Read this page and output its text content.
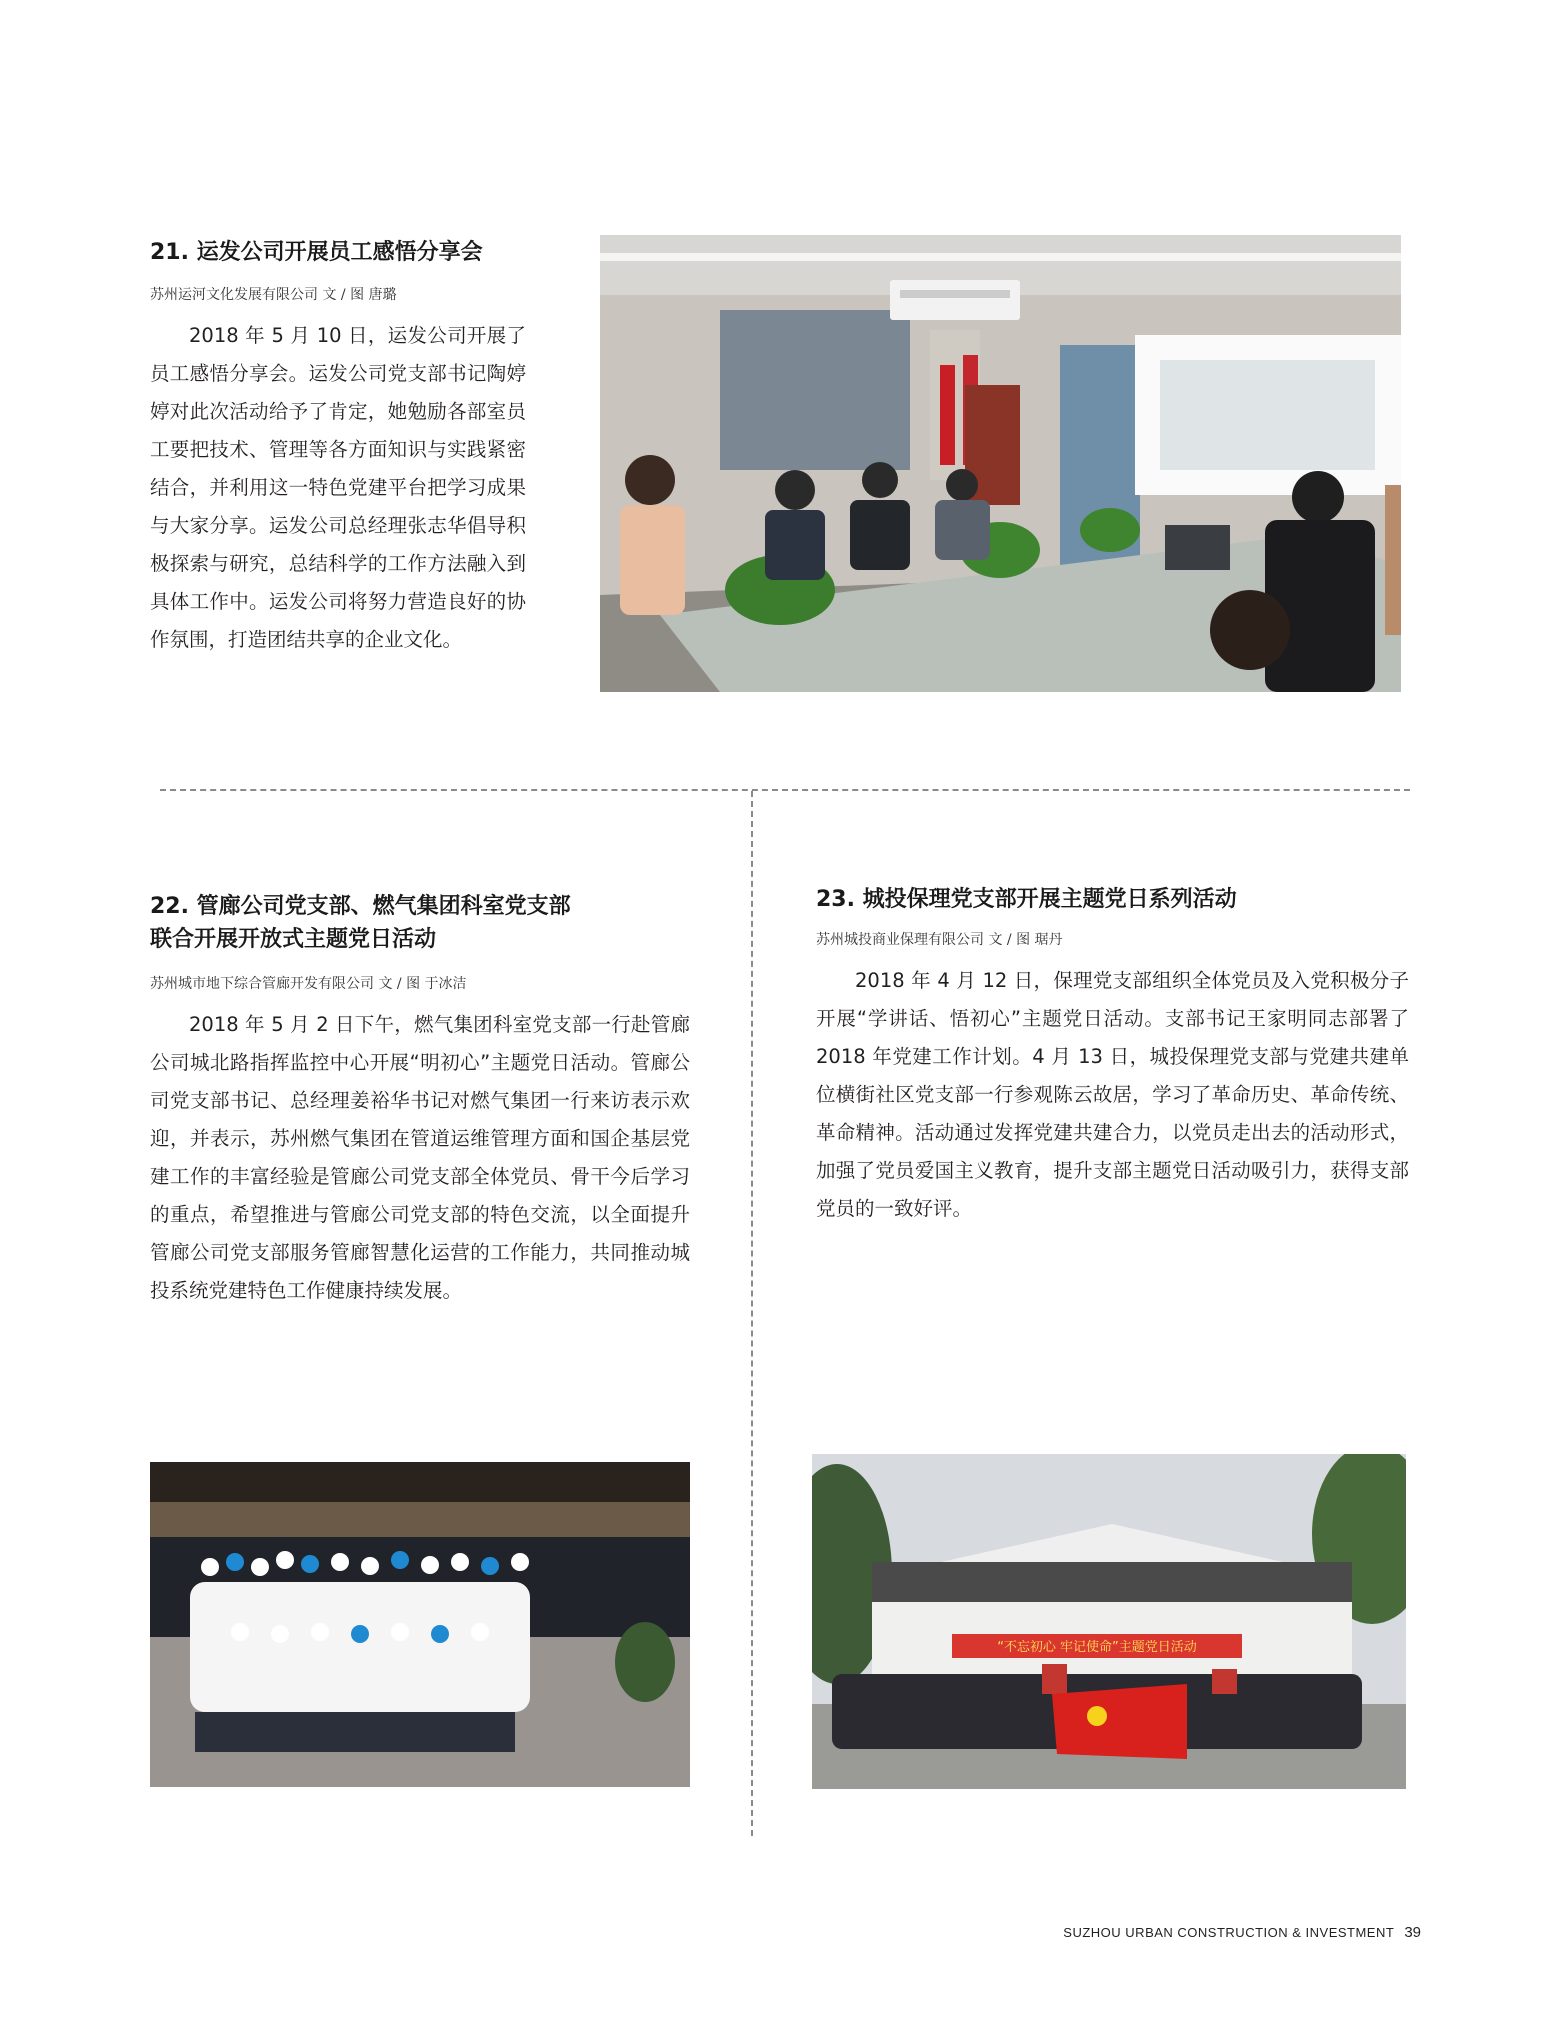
21. 运发公司开展员工感悟分享会
苏州运河文化发展有限公司 文 / 图 唐璐

2018 年 5 月 10 日，运发公司开展了员工感悟分享会。运发公司党支部书记陶婷婷对此次活动给予了肯定，她勉励各部室员工要把技术、管理等各方面知识与实践紧密结合，并利用这一特色党建平台把学习成果与大家分享。运发公司总经理张志华倡导积极探索与研究，总结科学的工作方法融入到具体工作中。运发公司将努力营造良好的协作氛围，打造团结共享的企业文化。

22. 管廊公司党支部、燃气集团科室党支部
联合开展开放式主题党日活动
苏州城市地下综合管廊开发有限公司 文 / 图 于冰洁

2018 年 5 月 2 日下午，燃气集团科室党支部一行赴管廊公司城北路指挥监控中心开展“明初心”主题党日活动。管廊公司党支部书记、总经理姜裕华书记对燃气集团一行来访表示欢迎，并表示，苏州燃气集团在管道运维管理方面和国企基层党建工作的丰富经验是管廊公司党支部全体党员、骨干今后学习的重点，希望推进与管廊公司党支部的特色交流，以全面提升管廊公司党支部服务管廊智慧化运营的工作能力，共同推动城投系统党建特色工作健康持续发展。

23. 城投保理党支部开展主题党日系列活动
苏州城投商业保理有限公司 文 / 图 琚丹

2018 年 4 月 12 日，保理党支部组织全体党员及入党积极分子开展“学讲话、悟初心”主题党日活动。支部书记王家明同志部署了 2018 年党建工作计划。4 月 13 日，城投保理党支部与党建共建单位横街社区党支部一行参观陈云故居，学习了革命历史、革命传统、革命精神。活动通过发挥党建共建合力，以党员走出去的活动形式，加强了党员爱国主义教育，提升支部主题党日活动吸引力，获得支部党员的一致好评。

“不忘初心 牢记使命”主题党日活动
SUZHOU URBAN CONSTRUCTION & INVESTMENT 39
